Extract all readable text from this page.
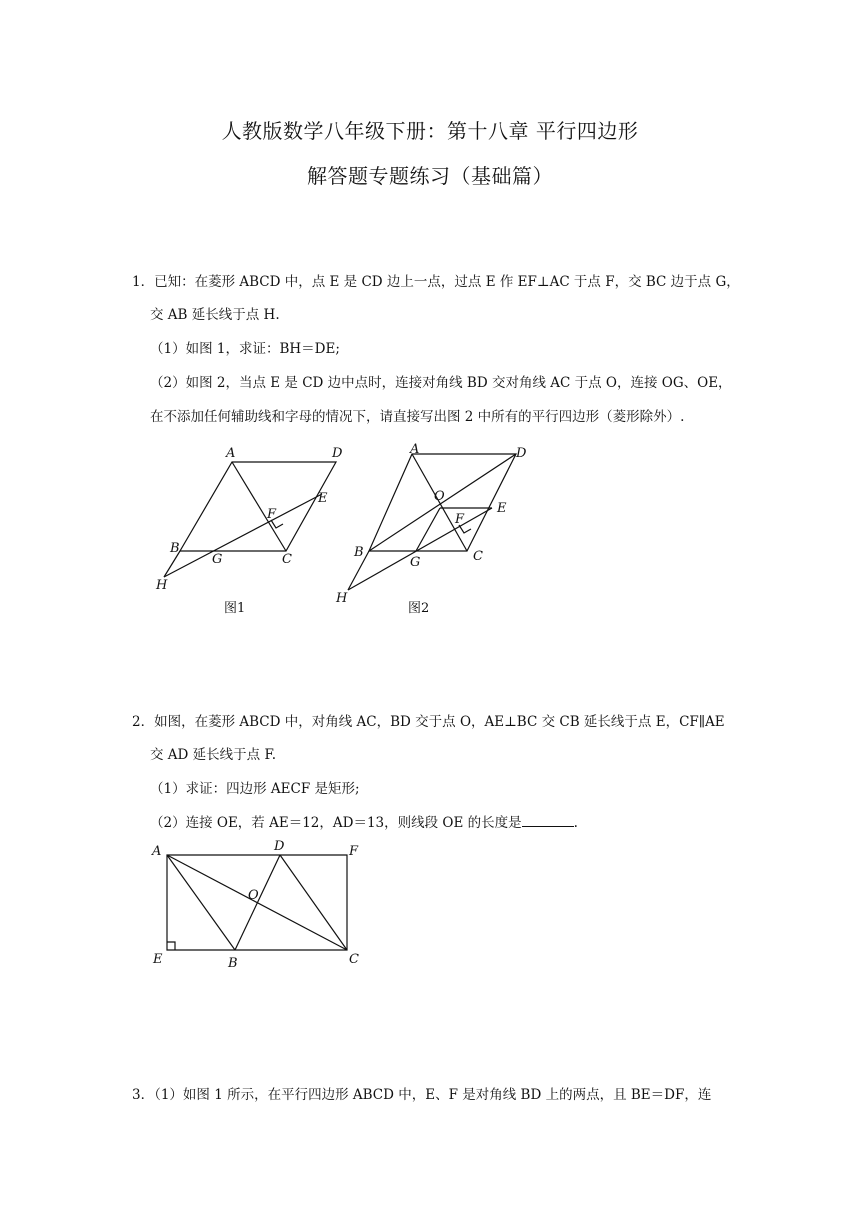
人教版数学八年级下册：第十八章 平行四边形
解答题专题练习（基础篇）
1．已知：在菱形 ABCD 中，点 E 是 CD 边上一点，过点 E 作 EF⊥AC 于点 F，交 BC 边于点 G，
交 AB 延长线于点 H.
（1）如图 1，求证：BH＝DE;
（2）如图 2，当点 E 是 CD 边中点时，连接对角线 BD 交对角线 AC 于点 O，连接 OG、OE，
在不添加任何辅助线和字母的情况下，请直接写出图 2 中所有的平行四边形（菱形除外）.
A	D
E
F
B
G	C
H
图1
A	D
O
E
F
B
G	C
H
图2
2．如图，在菱形 ABCD 中，对角线 AC，BD 交于点 O，AE⊥BC 交 CB 延长线于点 E，CF∥AE
交 AD 延长线于点 F.
（1）求证：四边形 AECF 是矩形;
（2）连接 OE，若 AE＝12，AD＝13，则线段 OE 的长度是	.
A	D	F
O
E	B	C
3．（1）如图 1 所示，在平行四边形 ABCD 中，E、F 是对角线 BD 上的两点，且 BE＝DF，连
